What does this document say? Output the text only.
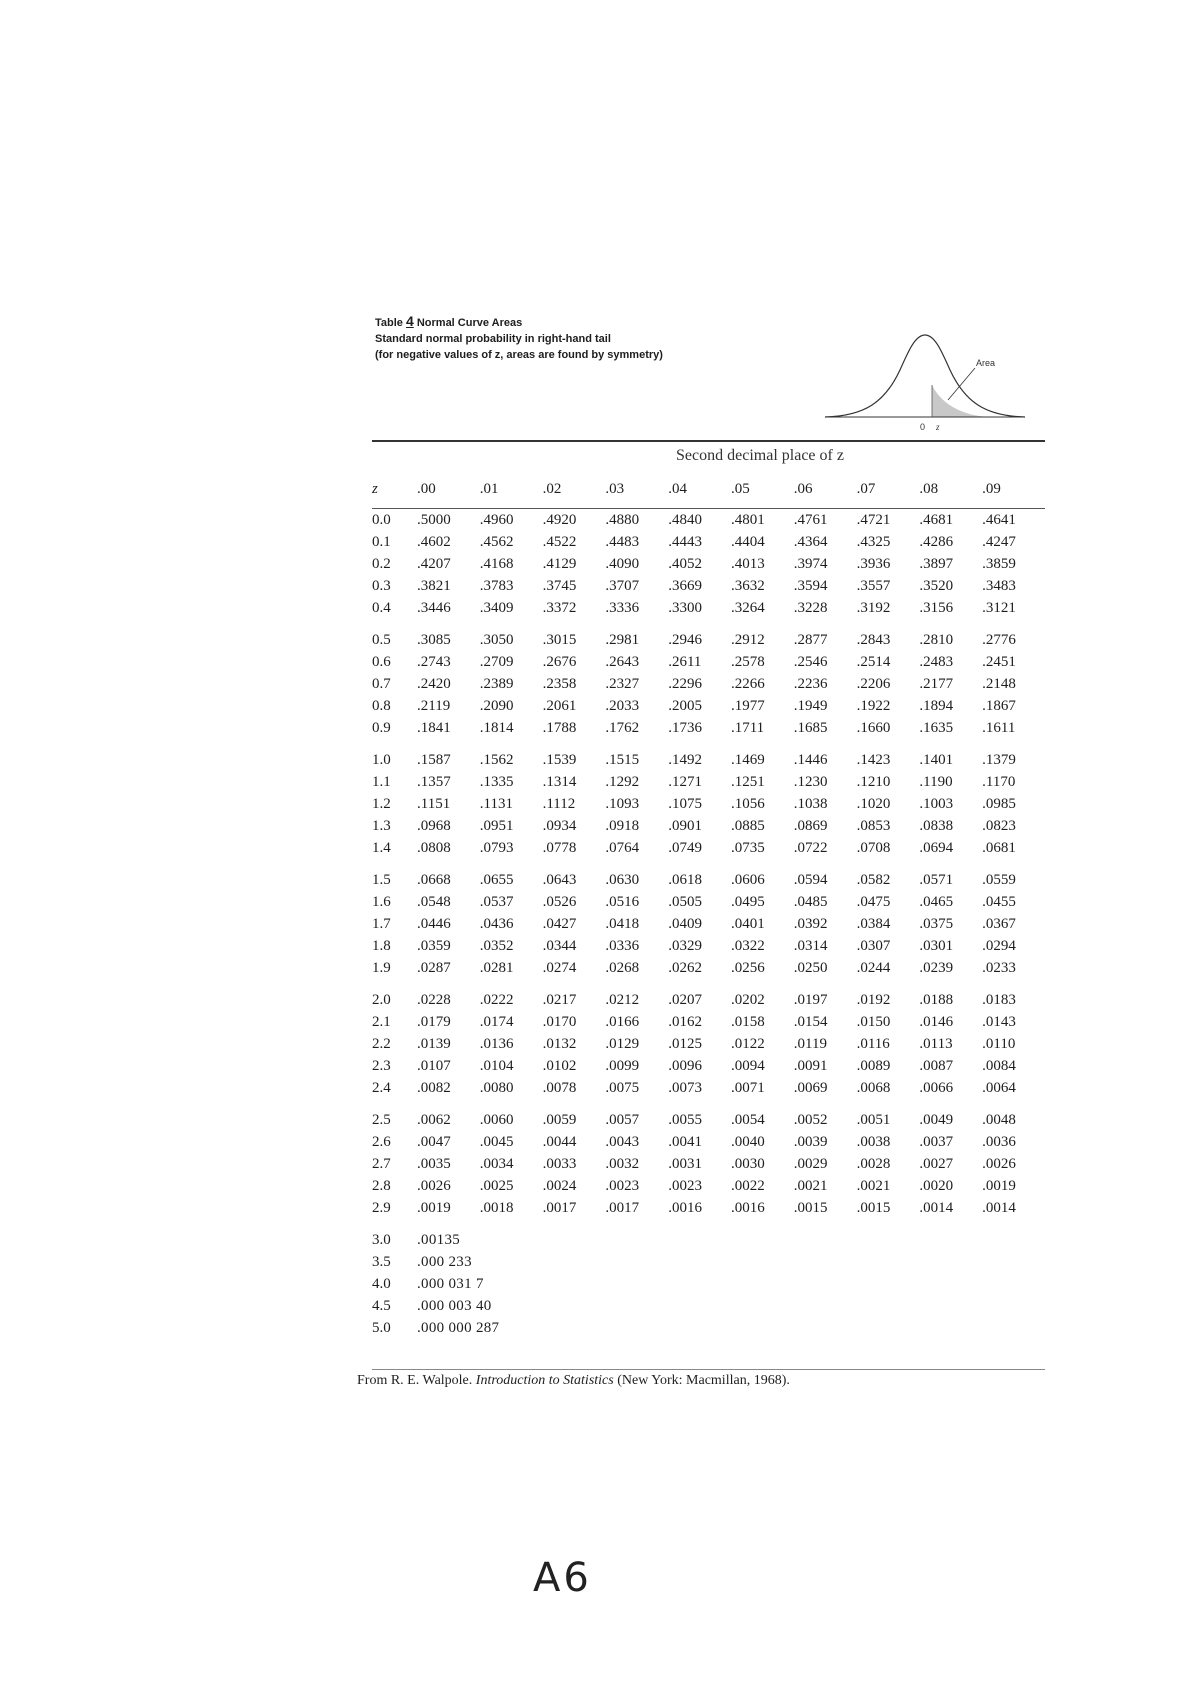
Table 4 Normal Curve Areas
Standard normal probability in right-hand tail
(for negative values of z, areas are found by symmetry)
Area
0 z
Second decimal place of z
z	.00	.01	.02	.03	.04	.05	.06	.07	.08	.09
0.0	.5000	.4960	.4920	.4880	.4840	.4801	.4761	.4721	.4681	.4641
0.1	.4602	.4562	.4522	.4483	.4443	.4404	.4364	.4325	.4286	.4247
0.2	.4207	.4168	.4129	.4090	.4052	.4013	.3974	.3936	.3897	.3859
0.3	.3821	.3783	.3745	.3707	.3669	.3632	.3594	.3557	.3520	.3483
0.4	.3446	.3409	.3372	.3336	.3300	.3264	.3228	.3192	.3156	.3121
0.5	.3085	.3050	.3015	.2981	.2946	.2912	.2877	.2843	.2810	.2776
0.6	.2743	.2709	.2676	.2643	.2611	.2578	.2546	.2514	.2483	.2451
0.7	.2420	.2389	.2358	.2327	.2296	.2266	.2236	.2206	.2177	.2148
0.8	.2119	.2090	.2061	.2033	.2005	.1977	.1949	.1922	.1894	.1867
0.9	.1841	.1814	.1788	.1762	.1736	.1711	.1685	.1660	.1635	.1611
1.0	.1587	.1562	.1539	.1515	.1492	.1469	.1446	.1423	.1401	.1379
1.1	.1357	.1335	.1314	.1292	.1271	.1251	.1230	.1210	.1190	.1170
1.2	.1151	.1131	.1112	.1093	.1075	.1056	.1038	.1020	.1003	.0985
1.3	.0968	.0951	.0934	.0918	.0901	.0885	.0869	.0853	.0838	.0823
1.4	.0808	.0793	.0778	.0764	.0749	.0735	.0722	.0708	.0694	.0681
1.5	.0668	.0655	.0643	.0630	.0618	.0606	.0594	.0582	.0571	.0559
1.6	.0548	.0537	.0526	.0516	.0505	.0495	.0485	.0475	.0465	.0455
1.7	.0446	.0436	.0427	.0418	.0409	.0401	.0392	.0384	.0375	.0367
1.8	.0359	.0352	.0344	.0336	.0329	.0322	.0314	.0307	.0301	.0294
1.9	.0287	.0281	.0274	.0268	.0262	.0256	.0250	.0244	.0239	.0233
2.0	.0228	.0222	.0217	.0212	.0207	.0202	.0197	.0192	.0188	.0183
2.1	.0179	.0174	.0170	.0166	.0162	.0158	.0154	.0150	.0146	.0143
2.2	.0139	.0136	.0132	.0129	.0125	.0122	.0119	.0116	.0113	.0110
2.3	.0107	.0104	.0102	.0099	.0096	.0094	.0091	.0089	.0087	.0084
2.4	.0082	.0080	.0078	.0075	.0073	.0071	.0069	.0068	.0066	.0064
2.5	.0062	.0060	.0059	.0057	.0055	.0054	.0052	.0051	.0049	.0048
2.6	.0047	.0045	.0044	.0043	.0041	.0040	.0039	.0038	.0037	.0036
2.7	.0035	.0034	.0033	.0032	.0031	.0030	.0029	.0028	.0027	.0026
2.8	.0026	.0025	.0024	.0023	.0023	.0022	.0021	.0021	.0020	.0019
2.9	.0019	.0018	.0017	.0017	.0016	.0016	.0015	.0015	.0014	.0014
3.0	.00135									
3.5	.000 233									
4.0	.000 031 7									
4.5	.000 003 40									
5.0	.000 000 287									
From R. E. Walpole. Introduction to Statistics (New York: Macmillan, 1968).
A6
